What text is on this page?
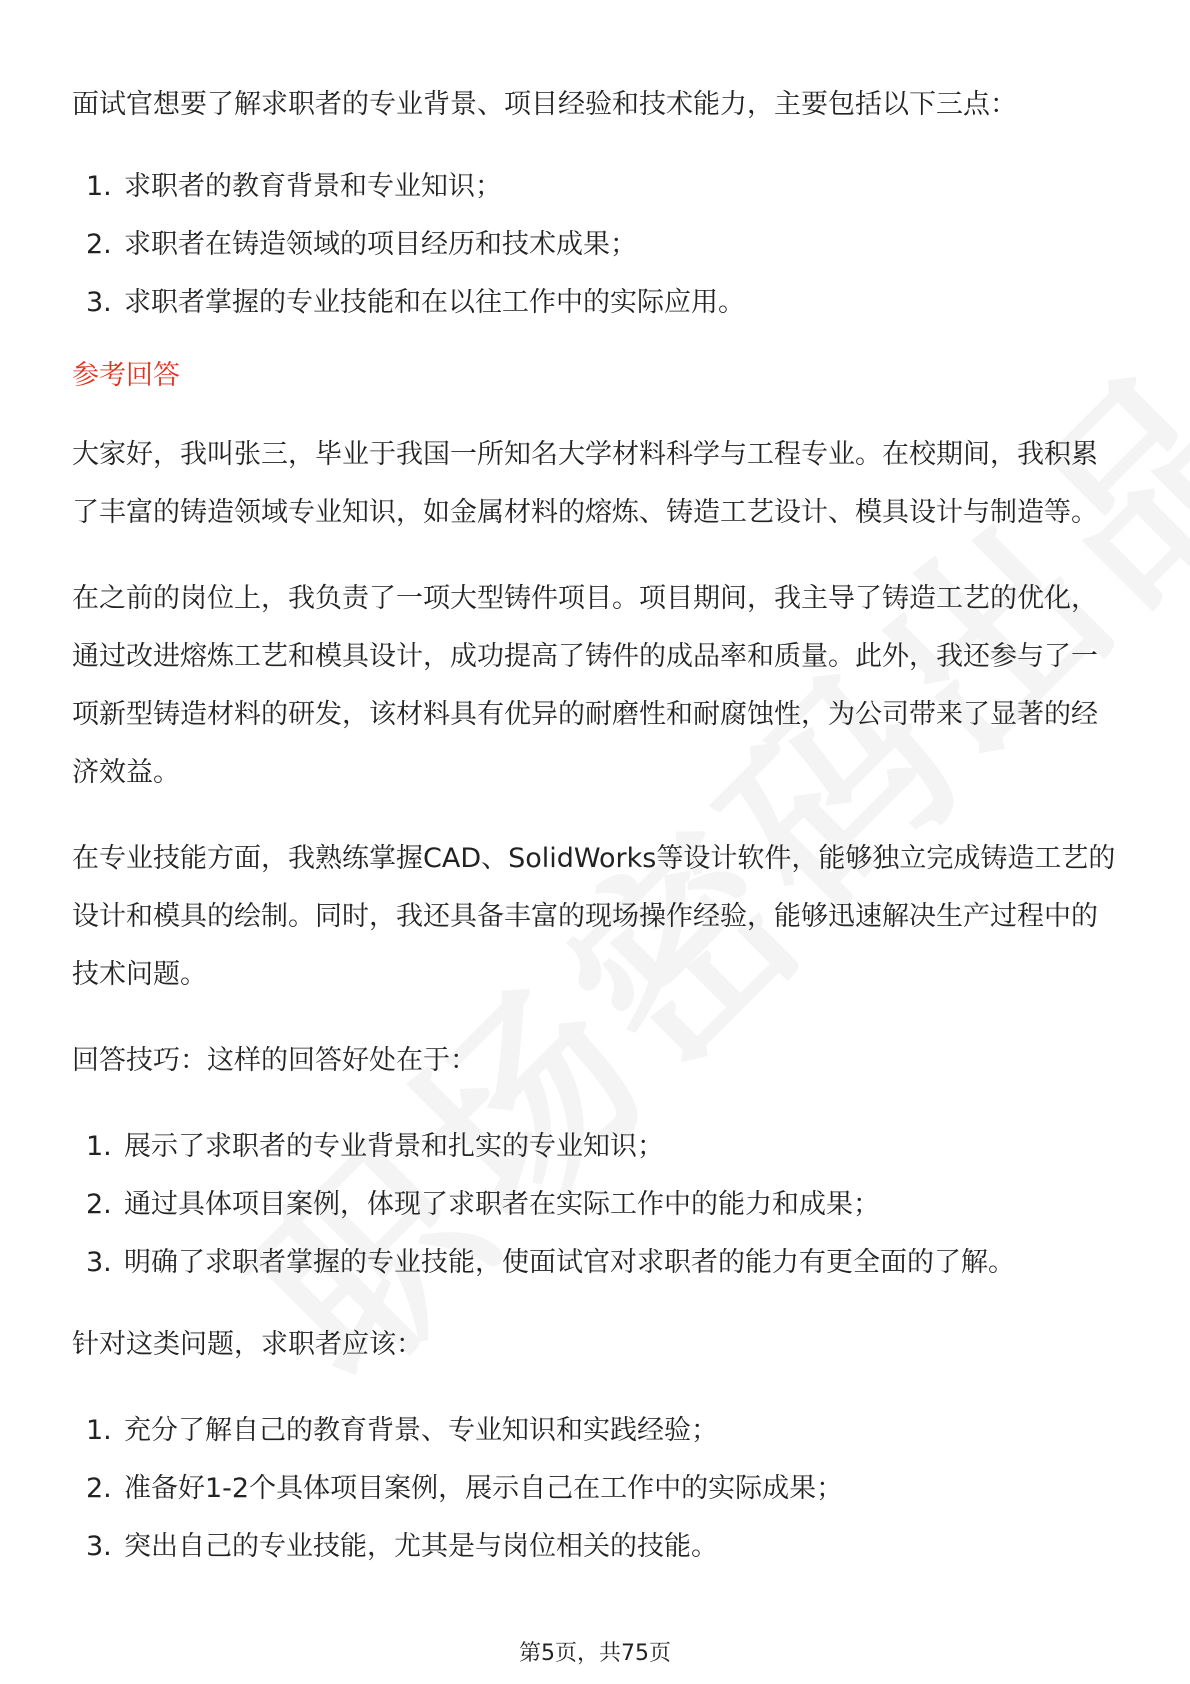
面试官想要了解求职者的专业背景、项目经验和技术能力，主要包括以下三点：

1. 求职者的教育背景和专业知识；
2. 求职者在铸造领域的项目经历和技术成果；
3. 求职者掌握的专业技能和在以往工作中的实际应用。

参考回答

大家好，我叫张三，毕业于我国一所知名大学材料科学与工程专业。在校期间，我积累了丰富的铸造领域专业知识，如金属材料的熔炼、铸造工艺设计、模具设计与制造等。

在之前的岗位上，我负责了一项大型铸件项目。项目期间，我主导了铸造工艺的优化，通过改进熔炼工艺和模具设计，成功提高了铸件的成品率和质量。此外，我还参与了一项新型铸造材料的研发，该材料具有优异的耐磨性和耐腐蚀性，为公司带来了显著的经济效益。

在专业技能方面，我熟练掌握CAD、SolidWorks等设计软件，能够独立完成铸造工艺的设计和模具的绘制。同时，我还具备丰富的现场操作经验，能够迅速解决生产过程中的技术问题。

回答技巧：这样的回答好处在于：

1. 展示了求职者的专业背景和扎实的专业知识；
2. 通过具体项目案例，体现了求职者在实际工作中的能力和成果；
3. 明确了求职者掌握的专业技能，使面试官对求职者的能力有更全面的了解。

针对这类问题，求职者应该：

1. 充分了解自己的教育背景、专业知识和实践经验；
2. 准备好1-2个具体项目案例，展示自己在工作中的实际成果；
3. 突出自己的专业技能，尤其是与岗位相关的技能。
第5页，共75页
